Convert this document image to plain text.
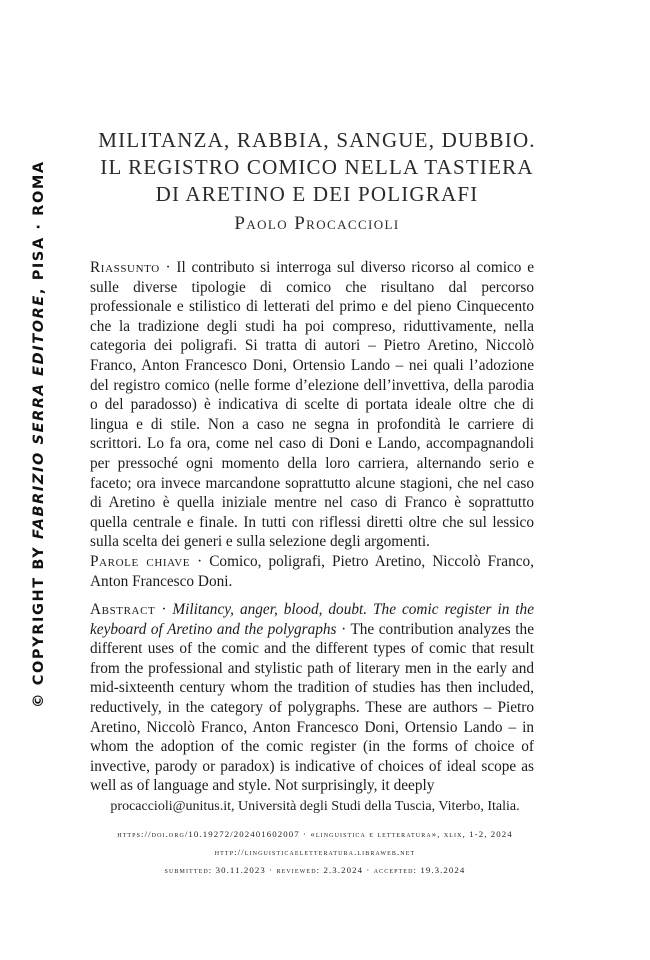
© COPYRIGHT BY FABRIZIO SERRA EDITORE, PISA · ROMA
MILITANZA, RABBIA, SANGUE, DUBBIO.
IL REGISTRO COMICO NELLA TASTIERA
DI ARETINO E DEI POLIGRAFI
Paolo Procaccioli

Riassunto · Il contributo si interroga sul diverso ricorso al comico e sulle diverse tipologie di comico che risultano dal percorso professionale e stilistico di letterati del primo e del pieno Cinquecento che la tradizione degli studi ha poi compreso, riduttivamente, nella categoria dei poligrafi. Si tratta di autori – Pietro Aretino, Niccolò Franco, Anton Francesco Doni, Ortensio Lando – nei quali l’adozione del registro comico (nelle forme d’elezione dell’invettiva, della parodia o del paradosso) è indicativa di scelte di portata ideale oltre che di lingua e di stile. Non a caso ne segna in profondità le carriere di scrittori. Lo fa ora, come nel caso di Doni e Lando, accompagnandoli per pressoché ogni momento della loro carriera, alternando serio e faceto; ora invece marcandone soprattutto alcune stagioni, che nel caso di Aretino è quella iniziale mentre nel caso di Franco è soprattutto quella centrale e finale. In tutti con riflessi diretti oltre che sul lessico sulla scelta dei generi e sulla selezione degli argomenti.

Parole chiave · Comico, poligrafi, Pietro Aretino, Niccolò Franco, Anton Francesco Doni.

Abstract · Militancy, anger, blood, doubt. The comic register in the keyboard of Aretino and the polygraphs · The contribution analyzes the different uses of the comic and the different types of comic that result from the professional and stylistic path of literary men in the early and mid-sixteenth century whom the tradition of studies has then included, reductively, in the category of polygraphs. These are authors – Pietro Aretino, Niccolò Franco, Anton Francesco Doni, Ortensio Lando – in whom the adoption of the comic register (in the forms of choice of invective, parody or paradox) is indicative of choices of ideal scope as well as of language and style. Not surprisingly, it deeply

procaccioli@unitus.it, Università degli Studi della Tuscia, Viterbo, Italia.
https://doi.org/10.19272/202401602007 · «linguistica e letteratura», xlix, 1-2, 2024
http://linguisticaeletteratura.libraweb.net
submitted: 30.11.2023 · reviewed: 2.3.2024 · accepted: 19.3.2024
